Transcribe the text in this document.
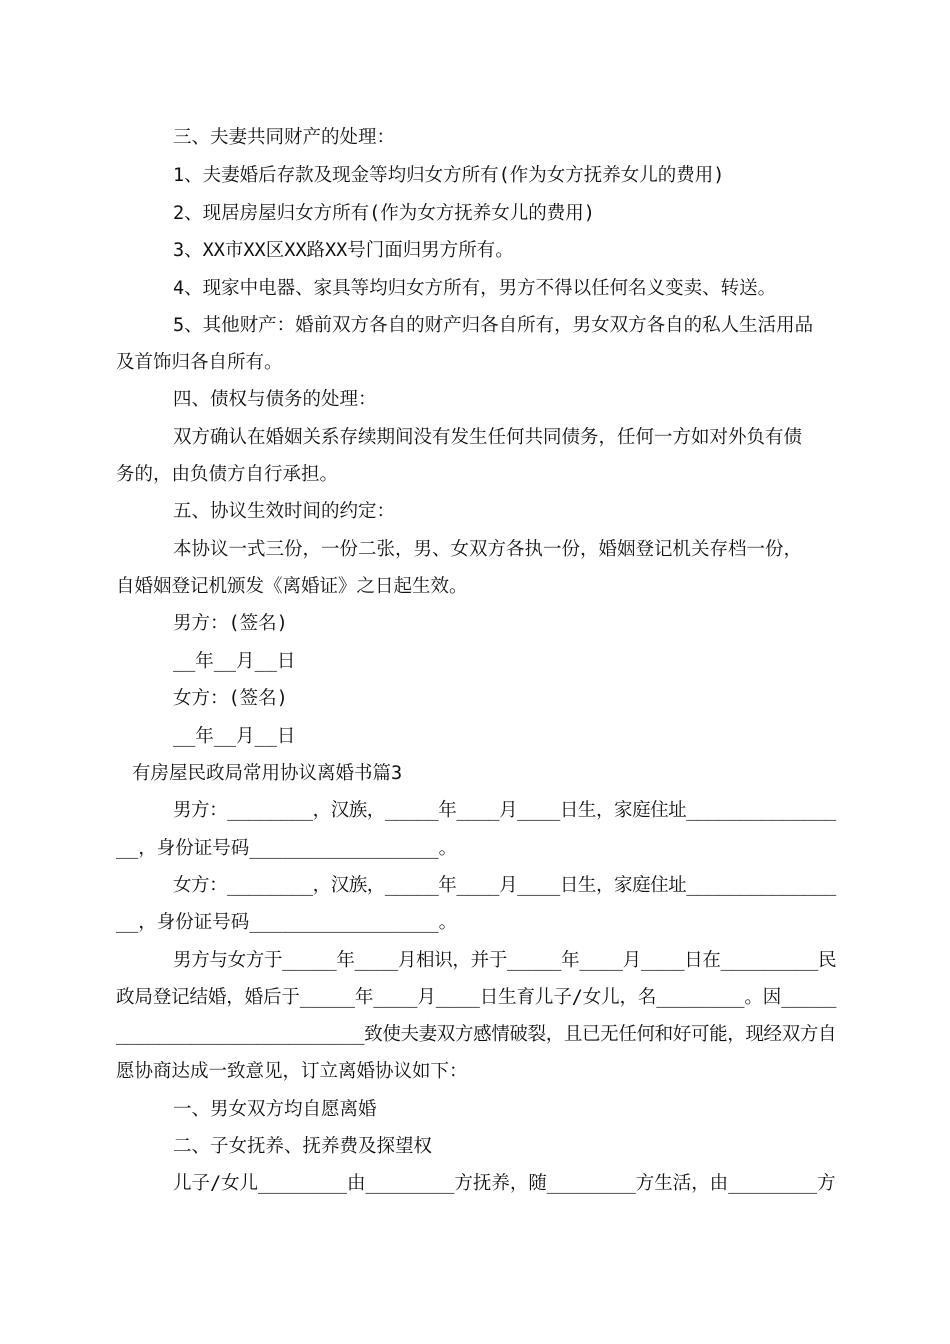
三、夫妻共同财产的处理：
1、夫妻婚后存款及现金等均归女方所有(作为女方抚养女儿的费用)
2、现居房屋归女方所有(作为女方抚养女儿的费用)
3、XX市XX区XX路XX号门面归男方所有。
4、现家中电器、家具等均归女方所有，男方不得以任何名义变卖、转送。
5、其他财产：婚前双方各自的财产归各自所有，男女双方各自的私人生活用品
及首饰归各自所有。
四、债权与债务的处理：
双方确认在婚姻关系存续期间没有发生任何共同债务，任何一方如对外负有债
务的，由负债方自行承担。
五、协议生效时间的约定：
本协议一式三份，一份二张，男、女双方各执一份，婚姻登记机关存档一份，
自婚姻登记机颁发《离婚证》之日起生效。
男方：(签名)
__年__月__日
女方：(签名)
__年__月__日
有房屋民政局常用协议离婚书篇3
男方：________，汉族，_____年____月____日生，家庭住址______________
__，身份证号码_________________。
女方：________，汉族，_____年____月____日生，家庭住址______________
__，身份证号码_________________。
男方与女方于_____年____月相识，并于_____年____月____日在_________民
政局登记结婚，婚后于_____年____月____日生育儿子/女儿，名________。因_____
_______________________致使夫妻双方感情破裂，且已无任何和好可能，现经双方自
愿协商达成一致意见，订立离婚协议如下：
一、男女双方均自愿离婚
二、子女抚养、抚养费及探望权
儿子/女儿________由________方抚养，随________方生活，由________方
